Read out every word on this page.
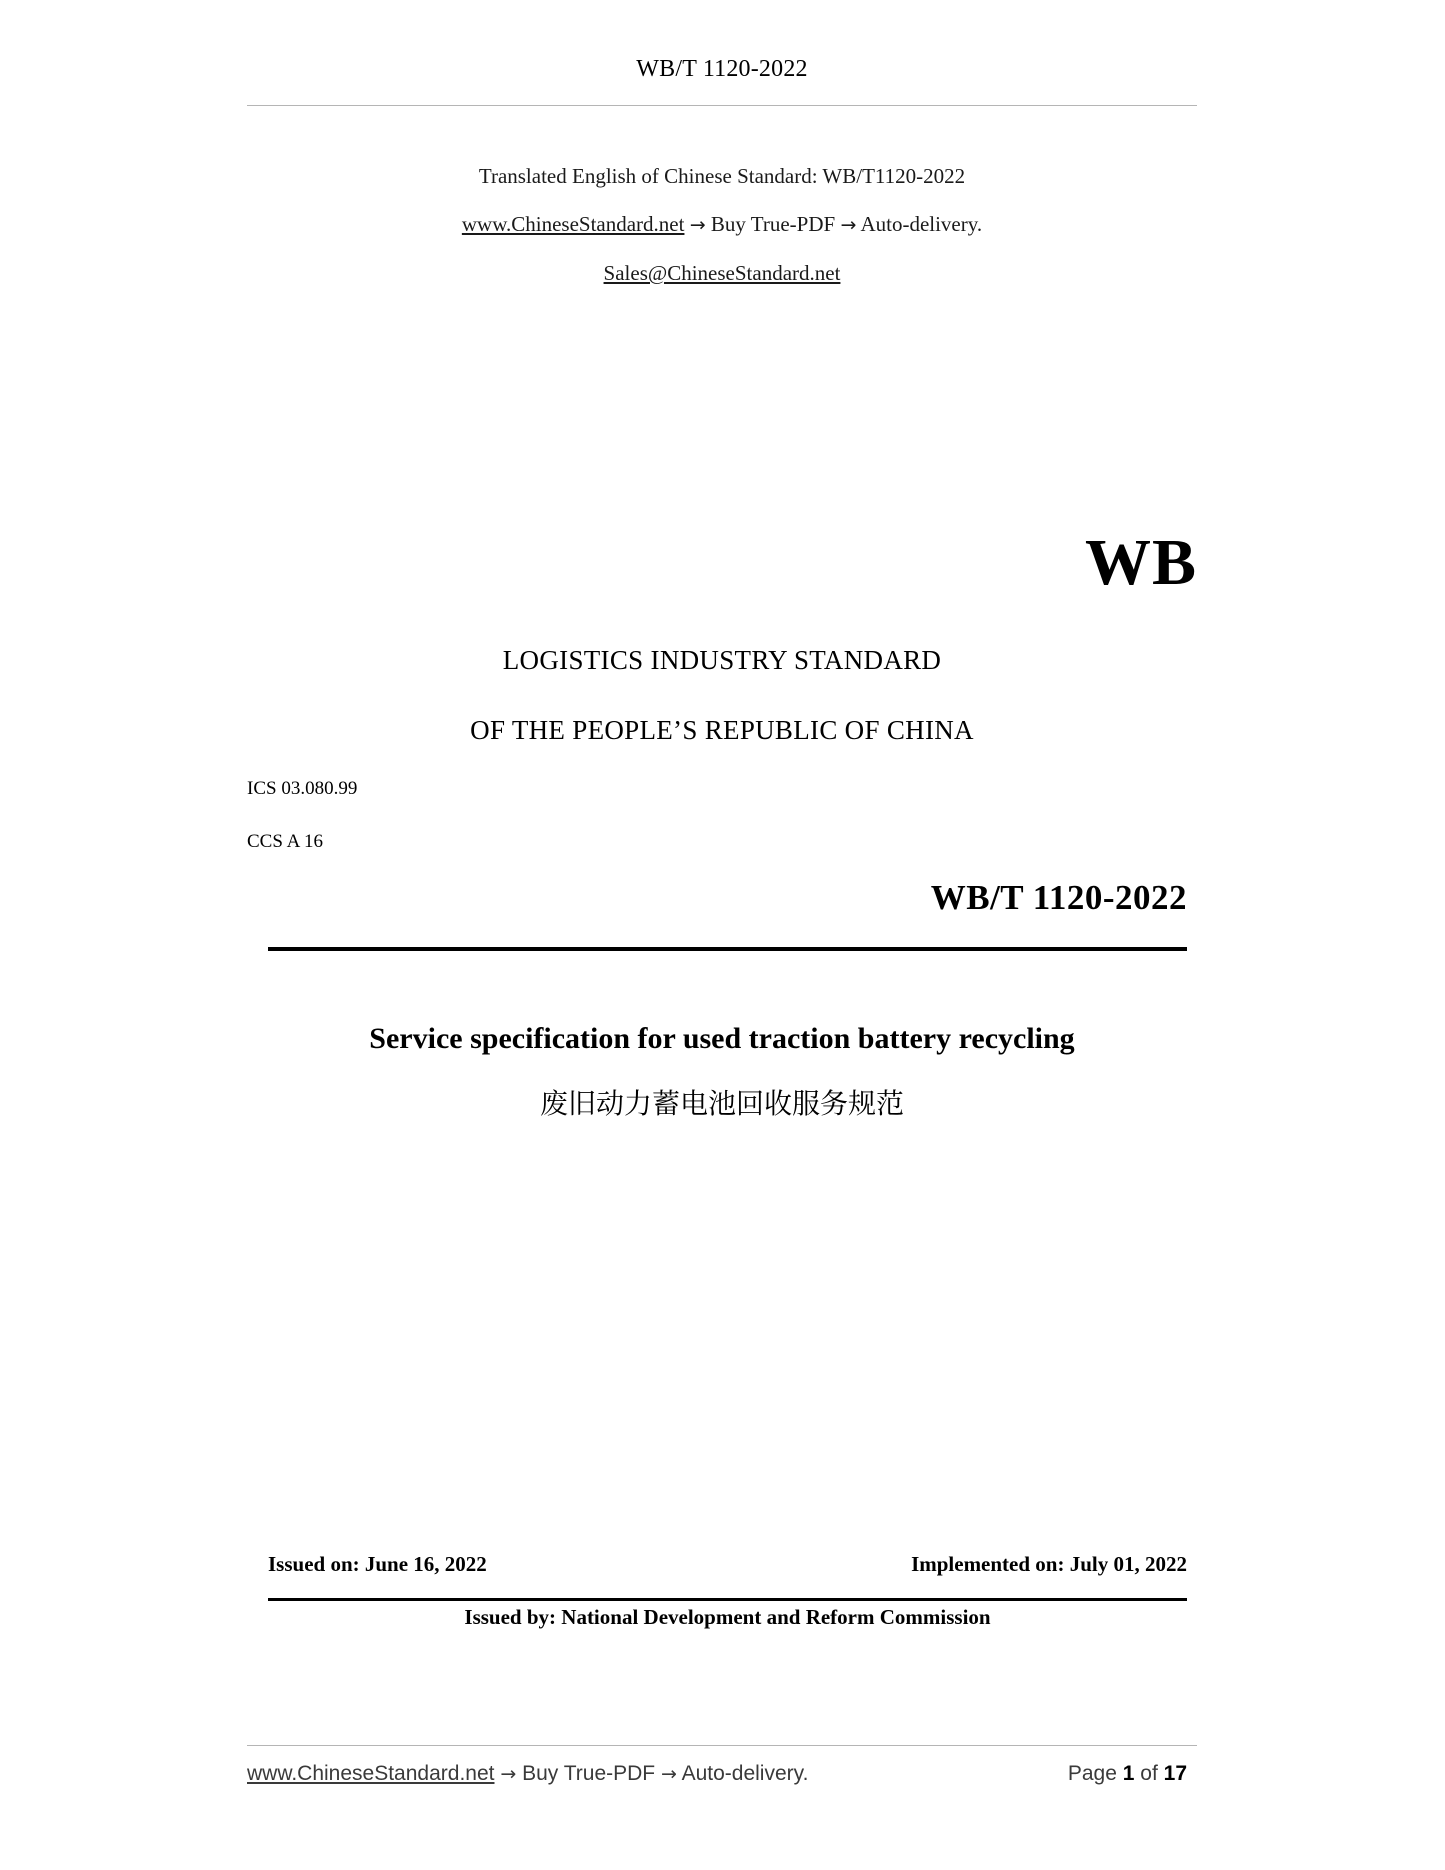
WB/T 1120-2022
Translated English of Chinese Standard: WB/T1120-2022
www.ChineseStandard.net → Buy True-PDF → Auto-delivery.
Sales@ChineseStandard.net
WB
LOGISTICS INDUSTRY STANDARD
OF THE PEOPLE’S REPUBLIC OF CHINA
ICS 03.080.99
CCS A 16
WB/T 1120-2022
Service specification for used traction battery recycling
废旧动力蓄电池回收服务规范
Issued on: June 16, 2022	Implemented on: July 01, 2022
Issued by: National Development and Reform Commission
www.ChineseStandard.net → Buy True-PDF → Auto-delivery.	Page 1 of 17
